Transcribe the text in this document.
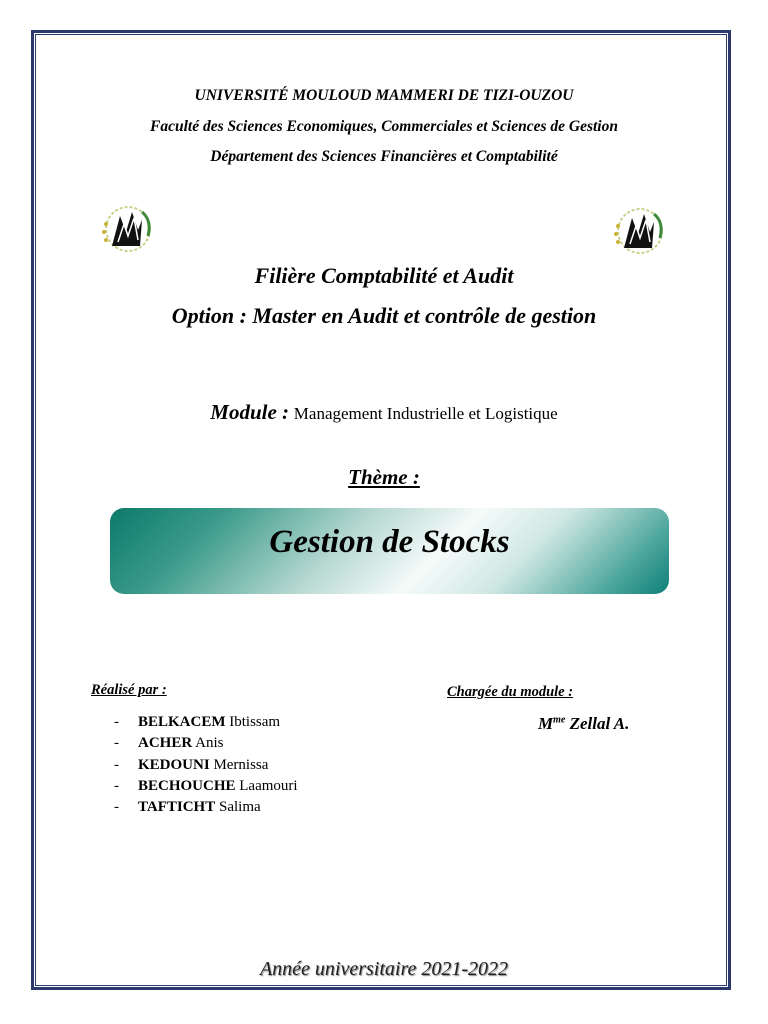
UNIVERSITÉ MOULOUD MAMMERI DE TIZI-OUZOU
Faculté des Sciences Economiques, Commerciales et Sciences de Gestion
Département des Sciences Financières et Comptabilité
Filière Comptabilité et Audit
Option : Master en Audit et contrôle de gestion
Module : Management Industrielle et Logistique
Thème :
Gestion de Stocks
Réalisé par :	Chargée du module :
- BELKACEM Ibtissam
- ACHER Anis
- KEDOUNI Mernissa
- BECHOUCHE Laamouri
- TAFTICHT Salima
$M^{me}$ Zellal A.
Année universitaire 2021-2022
